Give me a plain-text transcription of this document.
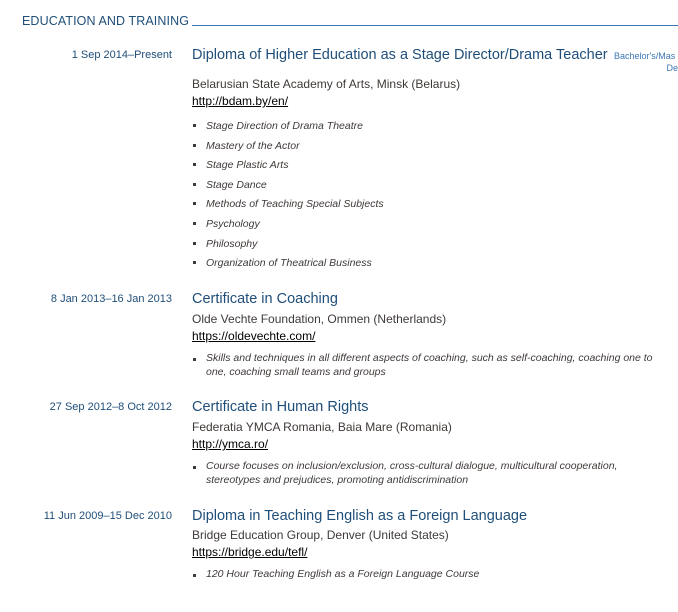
EDUCATION AND TRAINING
1 Sep 2014–Present Diploma of Higher Education as a Stage Director/Drama Teacher
Belarusian State Academy of Arts, Minsk (Belarus)
http://bdam.by/en/
Stage Direction of Drama Theatre
Mastery of the Actor
Stage Plastic Arts
Stage Dance
Methods of Teaching Special Subjects
Psychology
Philosophy
Organization of Theatrical Business
Bachelor's/Mas
De
8 Jan 2013–16 Jan 2013 Certificate in Coaching
Olde Vechte Foundation, Ommen (Netherlands)
https://oldevechte.com/
Skills and techniques in all different aspects of coaching, such as self-coaching, coaching one to one, coaching small teams and groups
27 Sep 2012–8 Oct 2012 Certificate in Human Rights
Federatia YMCA Romania, Baia Mare (Romania)
http://ymca.ro/
Course focuses on inclusion/exclusion, cross-cultural dialogue, multicultural cooperation, stereotypes and prejudices, promoting antidiscrimination
11 Jun 2009–15 Dec 2010 Diploma in Teaching English as a Foreign Language
Bridge Education Group, Denver (United States)
https://bridge.edu/tefl/
120 Hour Teaching English as a Foreign Language Course
